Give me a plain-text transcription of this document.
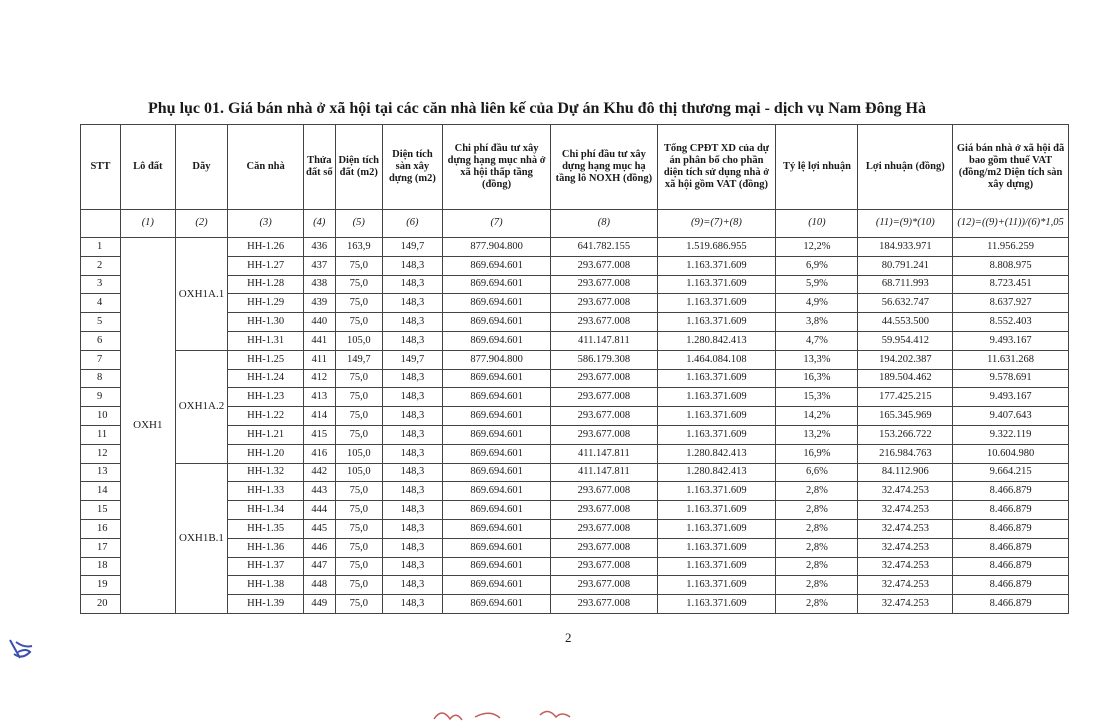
Phụ lục 01. Giá bán nhà ở xã hội tại các căn nhà liên kế của Dự án Khu đô thị thương mại - dịch vụ Nam Đông Hà
STT	Lô đất	Dãy	Căn nhà	Thửa đất số	Diện tích đất (m2)	Diện tích sàn xây dựng (m2)	Chi phí đầu tư xây dựng hạng mục nhà ở xã hội thấp tầng (đồng)	Chi phí đầu tư xây dựng hạng mục hạ tầng lô NOXH (đồng)	Tổng CPĐT XD của dự án phân bổ cho phần diện tích sử dụng nhà ở xã hội gồm VAT (đồng)	Tỷ lệ lợi nhuận	Lợi nhuận (đồng)	Giá bán nhà ở xã hội đã bao gồm thuế VAT (đồng/m2 Diện tích sàn xây dựng)
	(1)	(2)	(3)	(4)	(5)	(6)	(7)	(8)	(9)=(7)+(8)	(10)	(11)=(9)*(10)	(12)=((9)+(11))/(6)*1,05
1	OXH1	OXH1A.1	HH-1.26	436	163,9	149,7	877.904.800	641.782.155	1.519.686.955	12,2%	184.933.971	11.956.259
2			HH-1.27	437	75,0	148,3	869.694.601	293.677.008	1.163.371.609	6,9%	80.791.241	8.808.975
3			HH-1.28	438	75,0	148,3	869.694.601	293.677.008	1.163.371.609	5,9%	68.711.993	8.723.451
4			HH-1.29	439	75,0	148,3	869.694.601	293.677.008	1.163.371.609	4,9%	56.632.747	8.637.927
5			HH-1.30	440	75,0	148,3	869.694.601	293.677.008	1.163.371.609	3,8%	44.553.500	8.552.403
6			HH-1.31	441	105,0	148,3	869.694.601	411.147.811	1.280.842.413	4,7%	59.954.412	9.493.167
7		OXH1A.2	HH-1.25	411	149,7	149,7	877.904.800	586.179.308	1.464.084.108	13,3%	194.202.387	11.631.268
8			HH-1.24	412	75,0	148,3	869.694.601	293.677.008	1.163.371.609	16,3%	189.504.462	9.578.691
9			HH-1.23	413	75,0	148,3	869.694.601	293.677.008	1.163.371.609	15,3%	177.425.215	9.493.167
10			HH-1.22	414	75,0	148,3	869.694.601	293.677.008	1.163.371.609	14,2%	165.345.969	9.407.643
11			HH-1.21	415	75,0	148,3	869.694.601	293.677.008	1.163.371.609	13,2%	153.266.722	9.322.119
12			HH-1.20	416	105,0	148,3	869.694.601	411.147.811	1.280.842.413	16,9%	216.984.763	10.604.980
13		OXH1B.1	HH-1.32	442	105,0	148,3	869.694.601	411.147.811	1.280.842.413	6,6%	84.112.906	9.664.215
14			HH-1.33	443	75,0	148,3	869.694.601	293.677.008	1.163.371.609	2,8%	32.474.253	8.466.879
15			HH-1.34	444	75,0	148,3	869.694.601	293.677.008	1.163.371.609	2,8%	32.474.253	8.466.879
16			HH-1.35	445	75,0	148,3	869.694.601	293.677.008	1.163.371.609	2,8%	32.474.253	8.466.879
17			HH-1.36	446	75,0	148,3	869.694.601	293.677.008	1.163.371.609	2,8%	32.474.253	8.466.879
18			HH-1.37	447	75,0	148,3	869.694.601	293.677.008	1.163.371.609	2,8%	32.474.253	8.466.879
19			HH-1.38	448	75,0	148,3	869.694.601	293.677.008	1.163.371.609	2,8%	32.474.253	8.466.879
20			HH-1.39	449	75,0	148,3	869.694.601	293.677.008	1.163.371.609	2,8%	32.474.253	8.466.879
2
